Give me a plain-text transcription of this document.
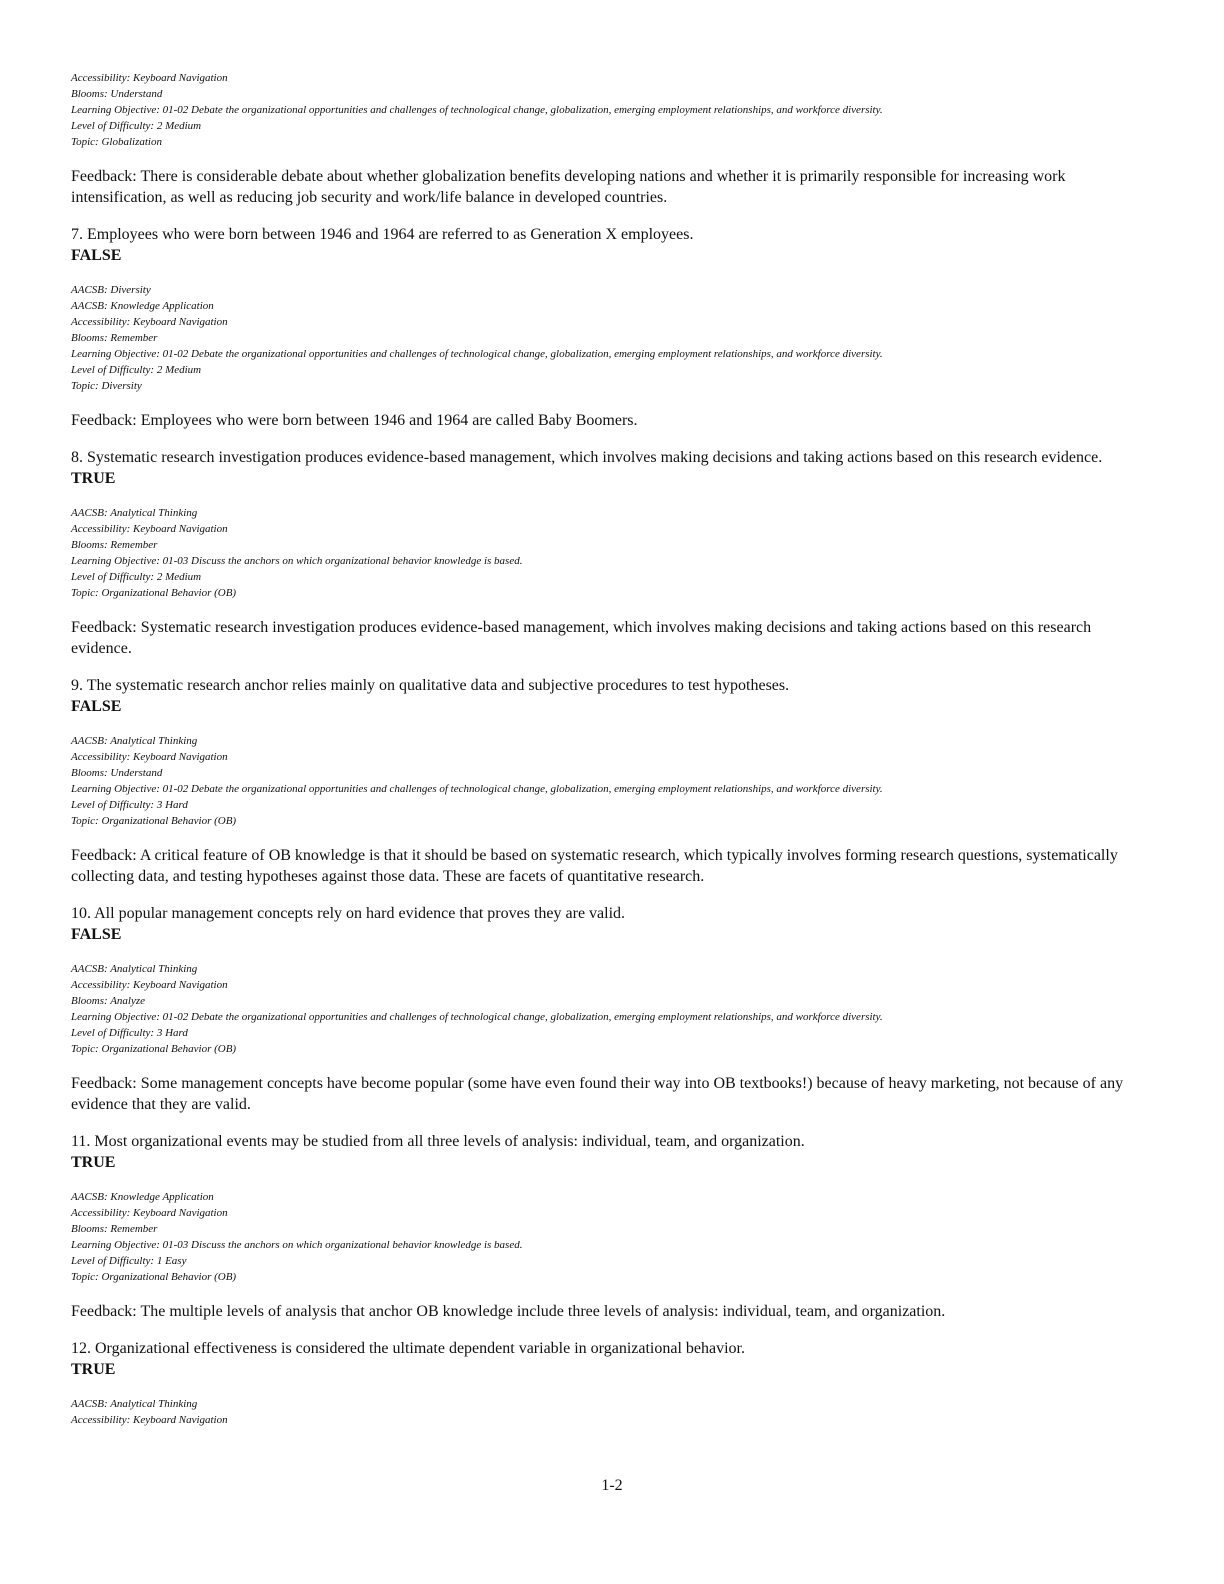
Accessibility: Keyboard Navigation
Blooms: Understand
Learning Objective: 01-02 Debate the organizational opportunities and challenges of technological change, globalization, emerging employment relationships, and workforce diversity.
Level of Difficulty: 2 Medium
Topic: Globalization
Feedback: There is considerable debate about whether globalization benefits developing nations and whether it is primarily responsible for increasing work intensification, as well as reducing job security and work/life balance in developed countries.
7. Employees who were born between 1946 and 1964 are referred to as Generation X employees.
FALSE
AACSB: Diversity
AACSB: Knowledge Application
Accessibility: Keyboard Navigation
Blooms: Remember
Learning Objective: 01-02 Debate the organizational opportunities and challenges of technological change, globalization, emerging employment relationships, and workforce diversity.
Level of Difficulty: 2 Medium
Topic: Diversity
Feedback: Employees who were born between 1946 and 1964 are called Baby Boomers.
8. Systematic research investigation produces evidence-based management, which involves making decisions and taking actions based on this research evidence.
TRUE
AACSB: Analytical Thinking
Accessibility: Keyboard Navigation
Blooms: Remember
Learning Objective: 01-03 Discuss the anchors on which organizational behavior knowledge is based.
Level of Difficulty: 2 Medium
Topic: Organizational Behavior (OB)
Feedback: Systematic research investigation produces evidence-based management, which involves making decisions and taking actions based on this research evidence.
9. The systematic research anchor relies mainly on qualitative data and subjective procedures to test hypotheses.
FALSE
AACSB: Analytical Thinking
Accessibility: Keyboard Navigation
Blooms: Understand
Learning Objective: 01-02 Debate the organizational opportunities and challenges of technological change, globalization, emerging employment relationships, and workforce diversity.
Level of Difficulty: 3 Hard
Topic: Organizational Behavior (OB)
Feedback: A critical feature of OB knowledge is that it should be based on systematic research, which typically involves forming research questions, systematically collecting data, and testing hypotheses against those data. These are facets of quantitative research.
10. All popular management concepts rely on hard evidence that proves they are valid.
FALSE
AACSB: Analytical Thinking
Accessibility: Keyboard Navigation
Blooms: Analyze
Learning Objective: 01-02 Debate the organizational opportunities and challenges of technological change, globalization, emerging employment relationships, and workforce diversity.
Level of Difficulty: 3 Hard
Topic: Organizational Behavior (OB)
Feedback: Some management concepts have become popular (some have even found their way into OB textbooks!) because of heavy marketing, not because of any evidence that they are valid.
11. Most organizational events may be studied from all three levels of analysis: individual, team, and organization.
TRUE
AACSB: Knowledge Application
Accessibility: Keyboard Navigation
Blooms: Remember
Learning Objective: 01-03 Discuss the anchors on which organizational behavior knowledge is based.
Level of Difficulty: 1 Easy
Topic: Organizational Behavior (OB)
Feedback: The multiple levels of analysis that anchor OB knowledge include three levels of analysis: individual, team, and organization.
12. Organizational effectiveness is considered the ultimate dependent variable in organizational behavior.
TRUE
AACSB: Analytical Thinking
Accessibility: Keyboard Navigation
1-2
